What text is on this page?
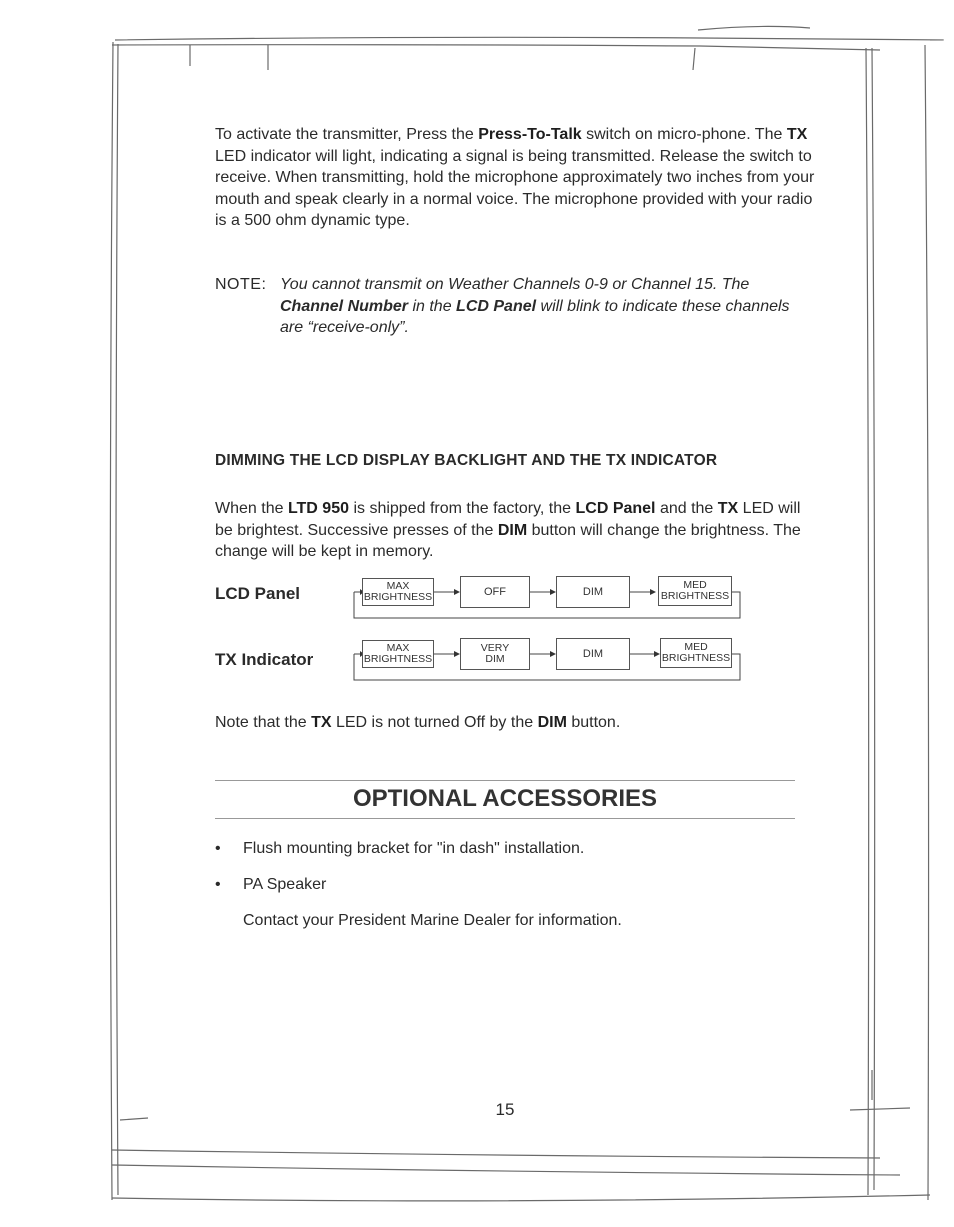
To activate the transmitter, Press the Press-To-Talk switch on micro-phone. The TX LED indicator will light, indicating a signal is being transmitted. Release the switch to receive. When transmitting, hold the microphone approximately two inches from your mouth and speak clearly in a normal voice. The microphone provided with your radio is a 500 ohm dynamic type.

NOTE: You cannot transmit on Weather Channels 0-9 or Channel 15. The Channel Number in the LCD Panel will blink to indicate these channels are “receive-only”.

DIMMING THE LCD DISPLAY BACKLIGHT AND THE TX INDICATOR

When the LTD 950 is shipped from the factory, the LCD Panel and the TX LED will be brightest. Successive presses of the DIM button will change the brightness. The change will be kept in memory.

LCD Panel	MAX
BRIGHTNESS	OFF	DIM
MED
BRIGHTNESS
TX Indicator
MAX
BRIGHTNESS
VERY
DIM	DIM
MED
BRIGHTNESS

Note that the TX LED is not turned Off by the DIM button.

OPTIONAL ACCESSORIES
• Flush mounting bracket for "in dash" installation.
• PA Speaker
Contact your President Marine Dealer for information.
15
